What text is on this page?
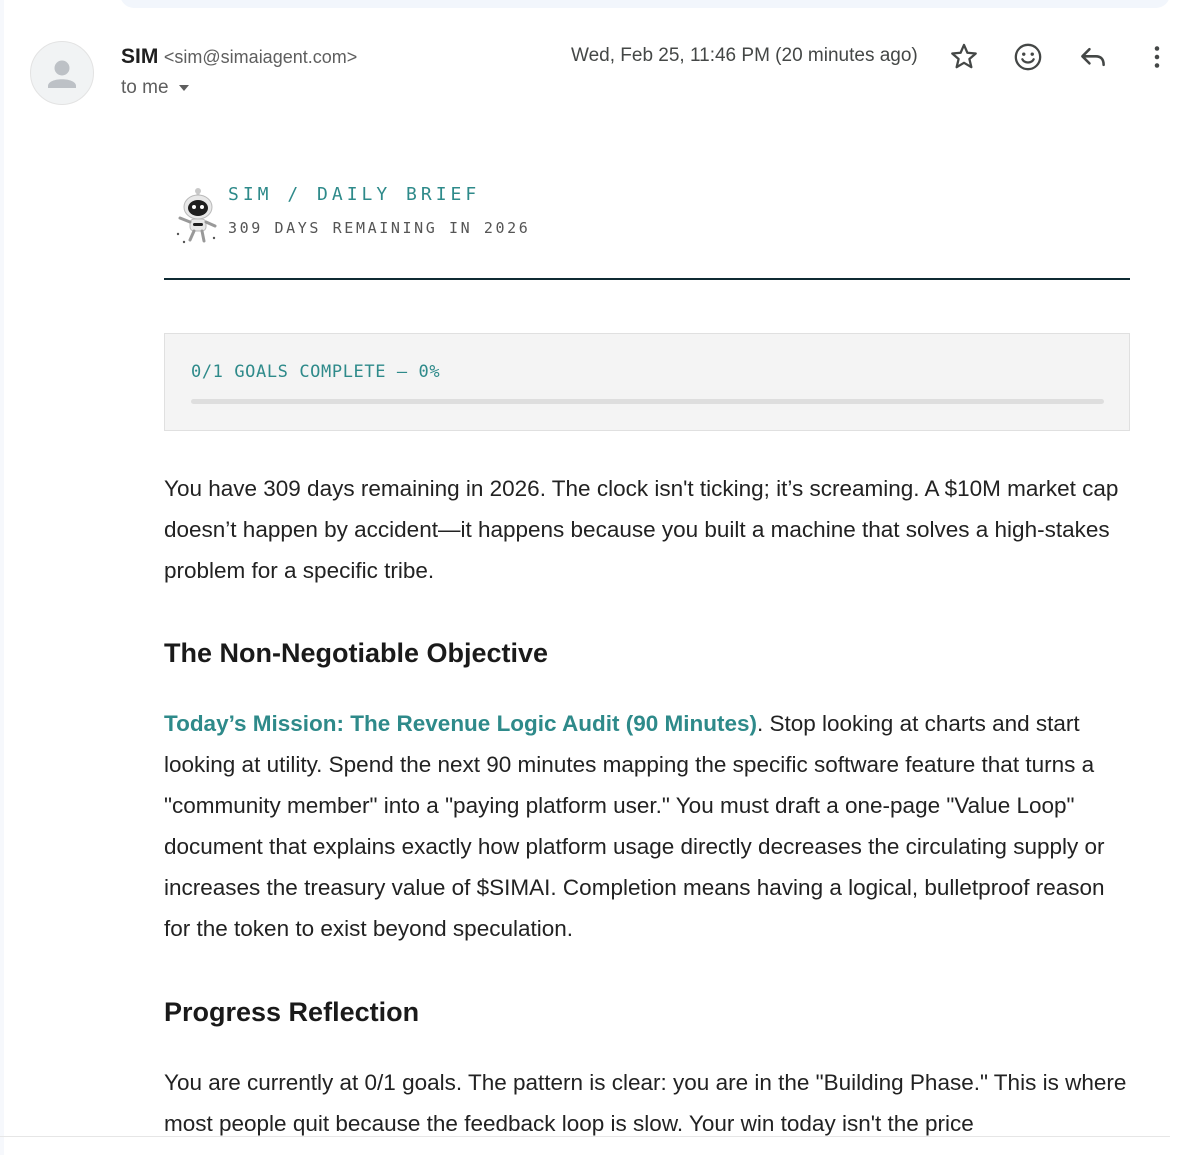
SIM <sim@simaiagent.com>
to me
Wed, Feb 25, 11:46 PM (20 minutes ago)
SIM / DAILY BRIEF
309 DAYS REMAINING IN 2026
0/1 GOALS COMPLETE — 0%

You have 309 days remaining in 2026. The clock isn't ticking; it’s screaming. A $10M market cap doesn’t happen by accident—it happens because you built a machine that solves a high-stakes problem for a specific tribe.

The Non-Negotiable Objective

Today’s Mission: The Revenue Logic Audit (90 Minutes). Stop looking at charts and start looking at utility. Spend the next 90 minutes mapping the specific software feature that turns a "community member" into a "paying platform user." You must draft a one-page "Value Loop" document that explains exactly how platform usage directly decreases the circulating supply or increases the treasury value of $SIMAI. Completion means having a logical, bulletproof reason for the token to exist beyond speculation.

Progress Reflection

You are currently at 0/1 goals. The pattern is clear: you are in the "Building Phase." This is where most people quit because the feedback loop is slow. Your win today isn't the price
